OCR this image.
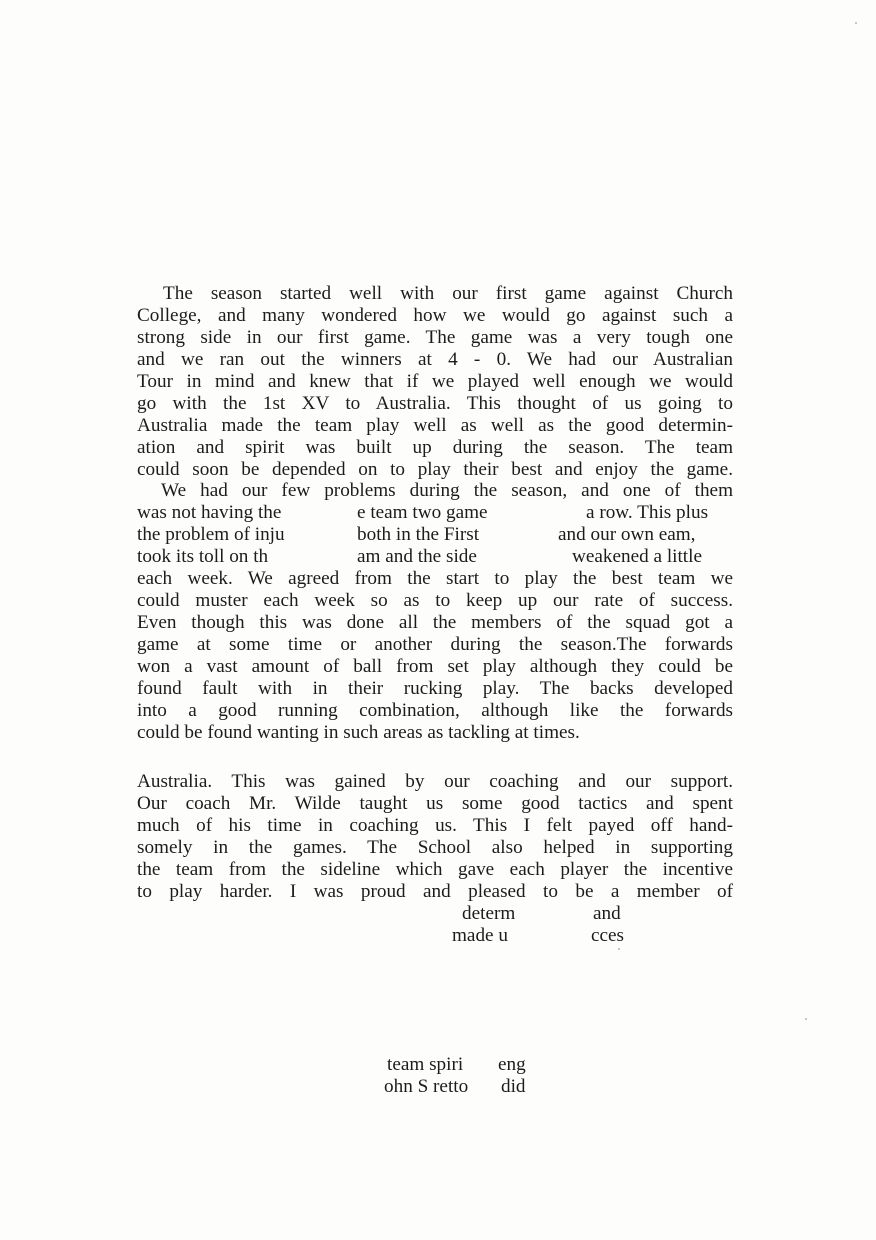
The season started well with our first game against Church
College, and many wondered how we would go against such a
strong side in our first game. The game was a very tough one
and we ran out the winners at 4 - 0. We had our Australian
Tour in mind and knew that if we played well enough we would
go with the 1st XV to Australia. This thought of us going to
Australia made the team play well as well as the good determin-
ation and spirit was built up during the season. The team
could soon be depended on to play their best and enjoy the game.
We had our few problems during the season, and one of them
was not having the	e team two game	a row. This plus
the problem of inju	both in the First	and our own eam,
took its toll on th	am and the side	weakened a little
each week. We agreed from the start to play the best team we
could muster each week so as to keep up our rate of success.
Even though this was done all the members of the squad got a
game at some time or another during the season.The forwards
won a vast amount of ball from set play although they could be
found fault with in their rucking play. The backs developed
into a good running combination, although like the forwards
could be found wanting in such areas as tackling at times.
Australia. This was gained by our coaching and our support.
Our coach Mr. Wilde taught us some good tactics and spent
much of his time in coaching us. This I felt payed off hand-
somely in the games. The School also helped in supporting
the team from the sideline which gave each player the incentive
to play harder. I was proud and pleased to be a member of
determ	and
made u	cces
team spiri eng
ohn S retto did
